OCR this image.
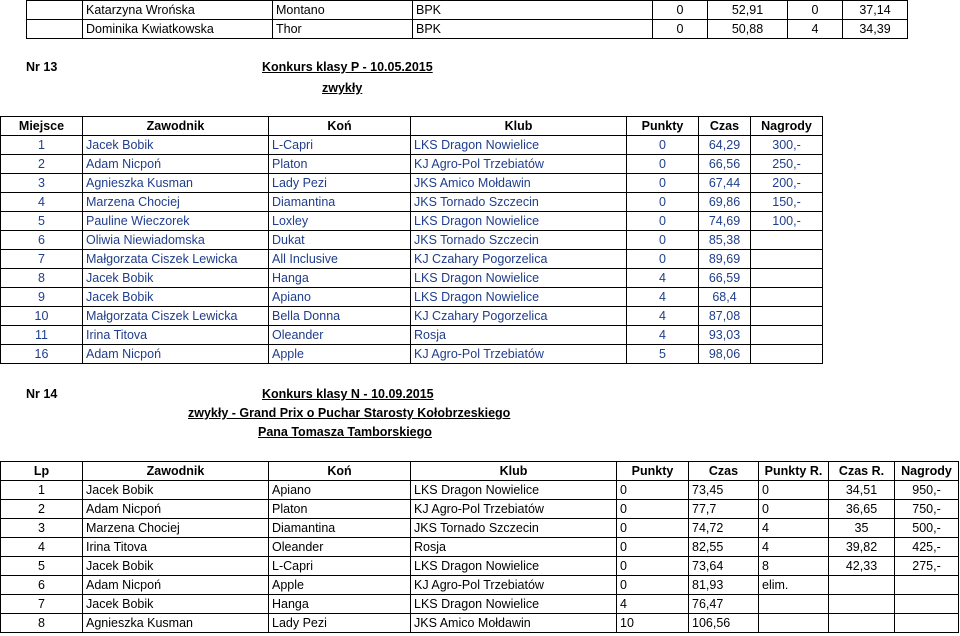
	Katarzyna Wrońska	Montano	BPK	0	52,91	0	37,14
	Dominika Kwiatkowska	Thor	BPK	0	50,88	4	34,39
Nr 13	Konkurs klasy P - 10.05.2015
zwykły
Miejsce	Zawodnik	Koń	Klub	Punkty	Czas	Nagrody
1	Jacek Bobik	L-Capri	LKS Dragon Nowielice	0	64,29	300,-
2	Adam Nicpoń	Platon	KJ Agro-Pol Trzebiatów	0	66,56	250,-
3	Agnieszka Kusman	Lady Pezi	JKS Amico Mołdawin	0	67,44	200,-
4	Marzena Chociej	Diamantina	JKS Tornado Szczecin	0	69,86	150,-
5	Pauline Wieczorek	Loxley	LKS Dragon Nowielice	0	74,69	100,-
6	Oliwia Niewiadomska	Dukat	JKS Tornado Szczecin	0	85,38	
7	Małgorzata Ciszek Lewicka	All Inclusive	KJ Czahary Pogorzelica	0	89,69	
8	Jacek Bobik	Hanga	LKS Dragon Nowielice	4	66,59	
9	Jacek Bobik	Apiano	LKS Dragon Nowielice	4	68,4	
10	Małgorzata Ciszek Lewicka	Bella Donna	KJ Czahary Pogorzelica	4	87,08	
11	Irina Titova	Oleander	Rosja	4	93,03	
16	Adam Nicpoń	Apple	KJ Agro-Pol Trzebiatów	5	98,06	
Nr 14	Konkurs klasy N - 10.09.2015
zwykły - Grand Prix o Puchar Starosty Kołobrzeskiego
Pana Tomasza Tamborskiego
Lp	Zawodnik	Koń	Klub	Punkty	Czas	Punkty R.	Czas R.	Nagrody
1	Jacek Bobik	Apiano	LKS Dragon Nowielice	0	73,45	0	34,51	950,-
2	Adam Nicpoń	Platon	KJ Agro-Pol Trzebiatów	0	77,7	0	36,65	750,-
3	Marzena Chociej	Diamantina	JKS Tornado Szczecin	0	74,72	4	35	500,-
4	Irina Titova	Oleander	Rosja	0	82,55	4	39,82	425,-
5	Jacek Bobik	L-Capri	LKS Dragon Nowielice	0	73,64	8	42,33	275,-
6	Adam Nicpoń	Apple	KJ Agro-Pol Trzebiatów	0	81,93	elim.		
7	Jacek Bobik	Hanga	LKS Dragon Nowielice	4	76,47			
8	Agnieszka Kusman	Lady Pezi	JKS Amico Mołdawin	10	106,56			
